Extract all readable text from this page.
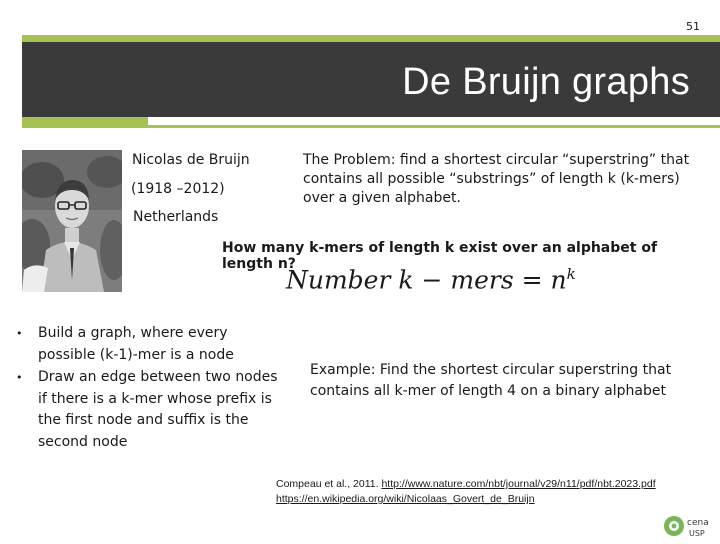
51
De Bruijn graphs
Nicolas de Bruijn
(1918 –2012)
Netherlands
The Problem: find a shortest circular “superstring” that contains all possible “substrings” of length k (k-mers) over a given alphabet.
How many k-mers of length k exist over an alphabet of length n?
Number k − mers = $n^k$
• Build a graph, where every possible (k-1)-mer is a node
• Draw an edge between two nodes if there is a k-mer whose prefix is the first node and suffix is the second node
Example: Find the shortest circular superstring that contains all k-mer of length 4 on a binary alphabet
Compeau et al., 2011. http://www.nature.com/nbt/journal/v29/n11/pdf/nbt.2023.pdf
https://en.wikipedia.org/wiki/Nicolaas_Govert_de_Bruijn
cena
USP
